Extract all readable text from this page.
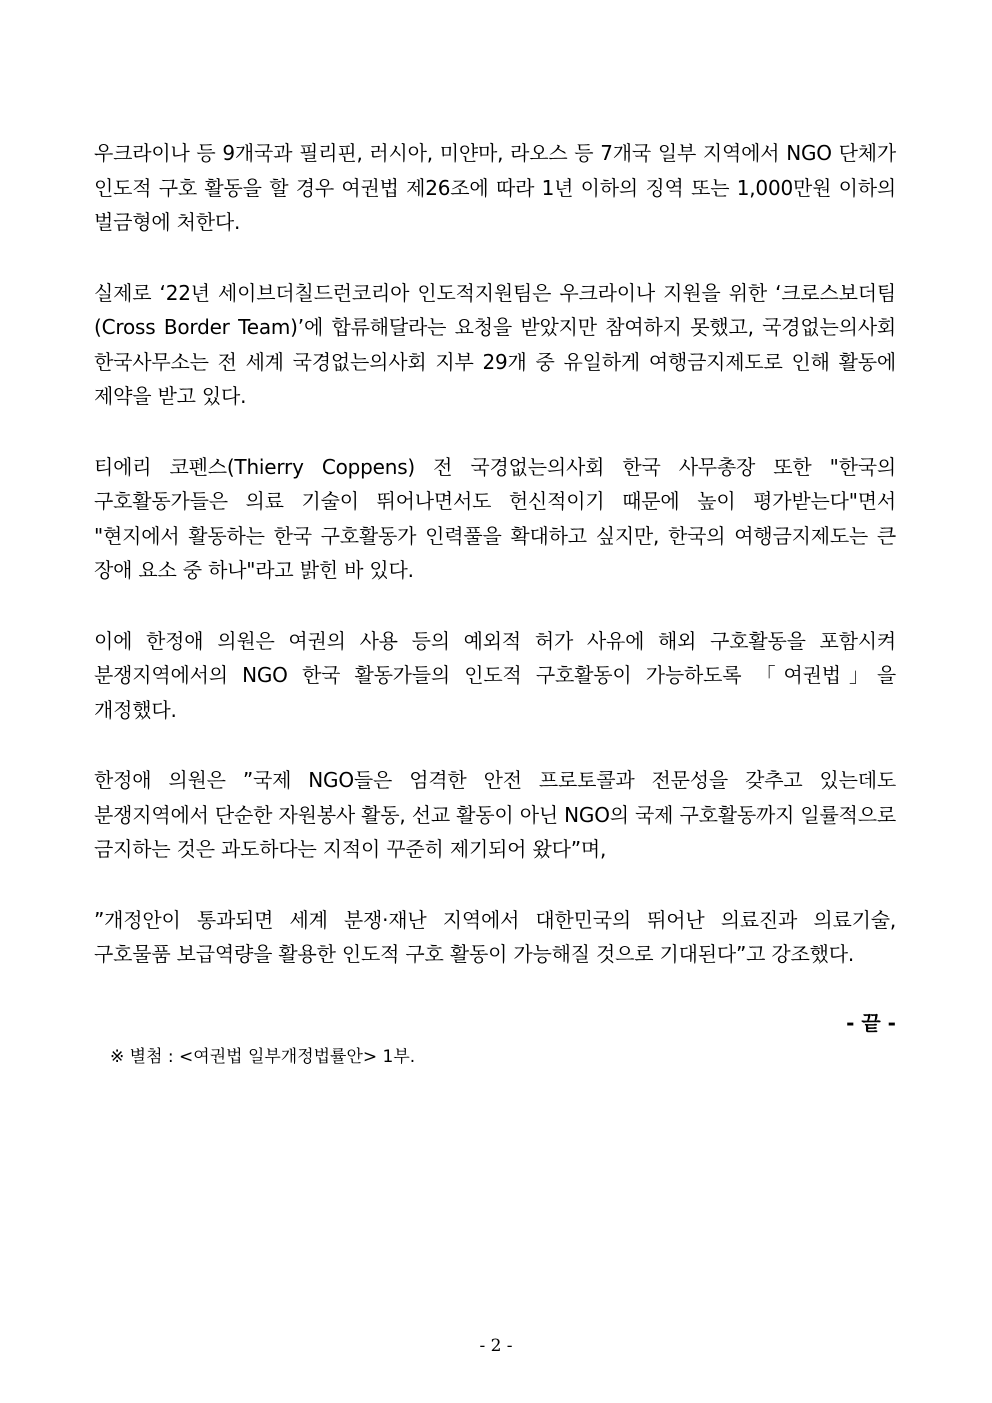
우크라이나 등 9개국과 필리핀, 러시아, 미얀마, 라오스 등 7개국 일부 지역에서 NGO 단체가 인도적 구호 활동을 할 경우 여권법 제26조에 따라 1년 이하의 징역 또는 1,000만원 이하의 벌금형에 처한다.

실제로 ‘22년 세이브더칠드런코리아 인도적지원팀은 우크라이나 지원을 위한 ‘크로스보더팀(Cross Border Team)’에 합류해달라는 요청을 받았지만 참여하지 못했고, 국경없는의사회 한국사무소는 전 세계 국경없는의사회 지부 29개 중 유일하게 여행금지제도로 인해 활동에 제약을 받고 있다.

티에리 코펜스(Thierry Coppens) 전 국경없는의사회 한국 사무총장 또한 "한국의 구호활동가들은 의료 기술이 뛰어나면서도 헌신적이기 때문에 높이 평가받는다"면서 "현지에서 활동하는 한국 구호활동가 인력풀을 확대하고 싶지만, 한국의 여행금지제도는 큰 장애 요소 중 하나"라고 밝힌 바 있다.

이에 한정애 의원은 여권의 사용 등의 예외적 허가 사유에 해외 구호활동을 포함시켜 분쟁지역에서의 NGO 한국 활동가들의 인도적 구호활동이 가능하도록 「여권법」을 개정했다.

한정애 의원은 ”국제 NGO들은 엄격한 안전 프로토콜과 전문성을 갖추고 있는데도 분쟁지역에서 단순한 자원봉사 활동, 선교 활동이 아닌 NGO의 국제 구호활동까지 일률적으로 금지하는 것은 과도하다는 지적이 꾸준히 제기되어 왔다”며,

”개정안이 통과되면 세계 분쟁·재난 지역에서 대한민국의 뛰어난 의료진과 의료기술, 구호물품 보급역량을 활용한 인도적 구호 활동이 가능해질 것으로 기대된다”고 강조했다.

- 끝 -
※ 별첨 : <여권법 일부개정법률안> 1부.
- 2 -
